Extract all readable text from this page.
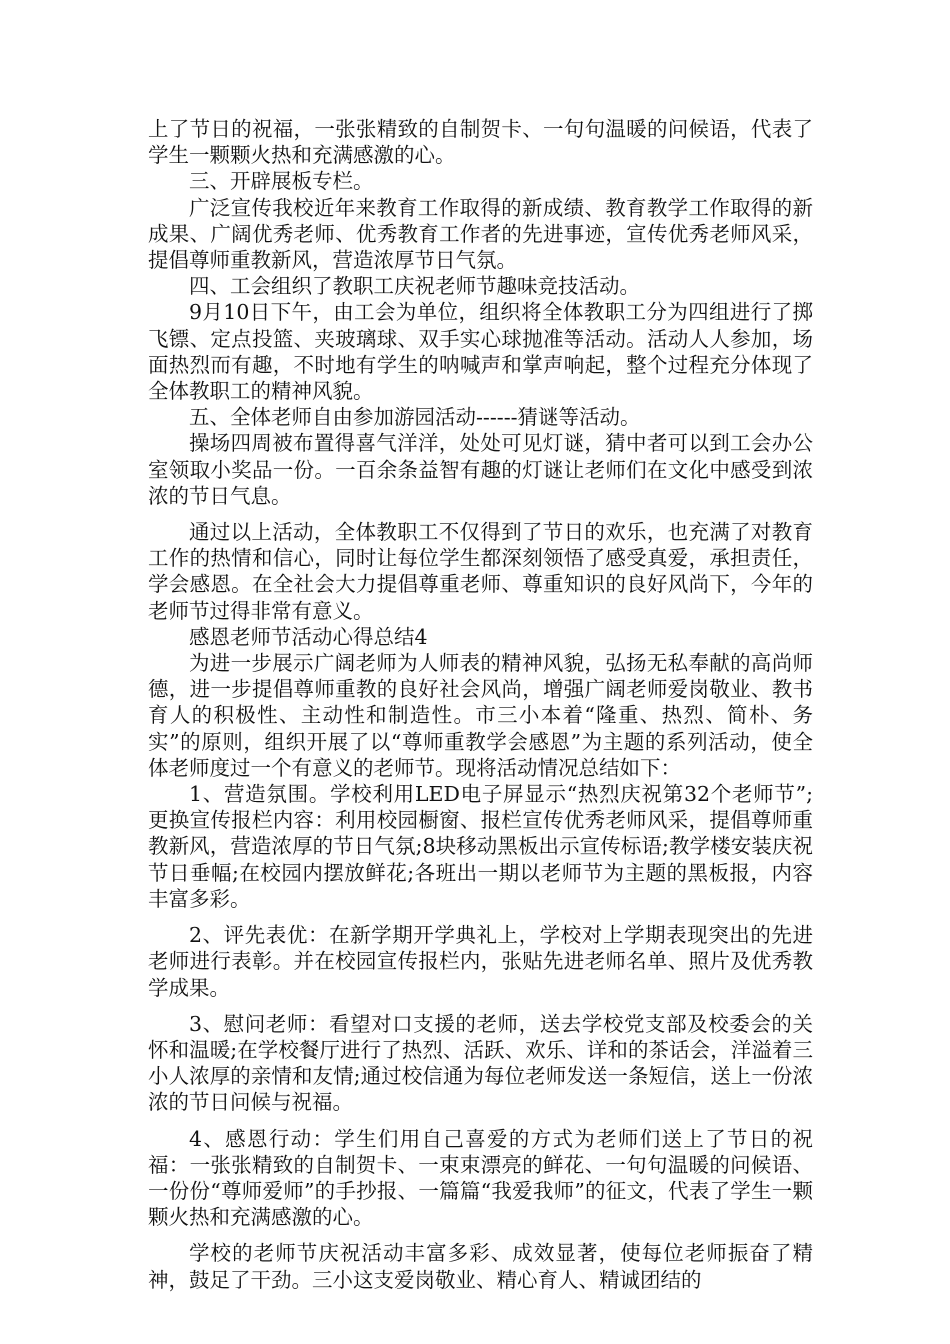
上了节日的祝福，一张张精致的自制贺卡、一句句温暖的问候语，代表了学生一颗颗火热和充满感激的心。

三、开辟展板专栏。

广泛宣传我校近年来教育工作取得的新成绩、教育教学工作取得的新成果、广阔优秀老师、优秀教育工作者的先进事迹，宣传优秀老师风采，提倡尊师重教新风，营造浓厚节日气氛。

四、工会组织了教职工庆祝老师节趣味竞技活动。

9月10日下午，由工会为单位，组织将全体教职工分为四组进行了掷飞镖、定点投篮、夹玻璃球、双手实心球抛准等活动。活动人人参加，场面热烈而有趣，不时地有学生的呐喊声和掌声响起，整个过程充分体现了全体教职工的精神风貌。

五、全体老师自由参加游园活动------猜谜等活动。

操场四周被布置得喜气洋洋，处处可见灯谜，猜中者可以到工会办公室领取小奖品一份。一百余条益智有趣的灯谜让老师们在文化中感受到浓浓的节日气息。

通过以上活动，全体教职工不仅得到了节日的欢乐，也充满了对教育工作的热情和信心，同时让每位学生都深刻领悟了感受真爱，承担责任，学会感恩。在全社会大力提倡尊重老师、尊重知识的良好风尚下，今年的老师节过得非常有意义。

感恩老师节活动心得总结4

为进一步展示广阔老师为人师表的精神风貌，弘扬无私奉献的高尚师德，进一步提倡尊师重教的良好社会风尚，增强广阔老师爱岗敬业、教书育人的积极性、主动性和制造性。市三小本着“隆重、热烈、简朴、务实”的原则，组织开展了以“尊师重教学会感恩”为主题的系列活动，使全体老师度过一个有意义的老师节。现将活动情况总结如下：

1、营造氛围。学校利用LED电子屏显示“热烈庆祝第32个老师节”;更换宣传报栏内容：利用校园橱窗、报栏宣传优秀老师风采，提倡尊师重教新风，营造浓厚的节日气氛;8块移动黑板出示宣传标语;教学楼安装庆祝节日垂幅;在校园内摆放鲜花;各班出一期以老师节为主题的黑板报，内容丰富多彩。

2、评先表优：在新学期开学典礼上，学校对上学期表现突出的先进老师进行表彰。并在校园宣传报栏内，张贴先进老师名单、照片及优秀教学成果。

3、慰问老师：看望对口支援的老师，送去学校党支部及校委会的关怀和温暖;在学校餐厅进行了热烈、活跃、欢乐、详和的茶话会，洋溢着三小人浓厚的亲情和友情;通过校信通为每位老师发送一条短信，送上一份浓浓的节日问候与祝福。

4、感恩行动：学生们用自己喜爱的方式为老师们送上了节日的祝福：一张张精致的自制贺卡、一束束漂亮的鲜花、一句句温暖的问候语、一份份“尊师爱师”的手抄报、一篇篇“我爱我师”的征文，代表了学生一颗颗火热和充满感激的心。

学校的老师节庆祝活动丰富多彩、成效显著，使每位老师振奋了精神，鼓足了干劲。三小这支爱岗敬业、精心育人、精诚团结的
